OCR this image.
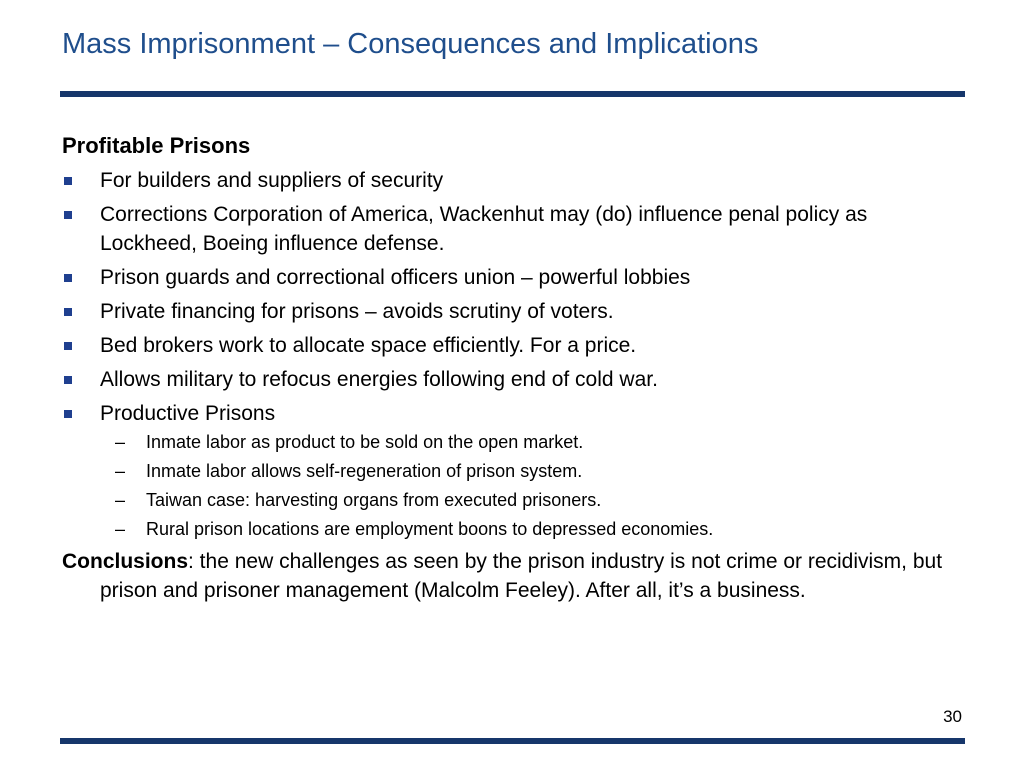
Mass Imprisonment – Consequences and Implications
Profitable Prisons
For builders and suppliers of security
Corrections Corporation of America, Wackenhut may (do) influence penal policy as Lockheed, Boeing influence defense.
Prison guards and correctional officers union – powerful lobbies
Private financing for prisons – avoids scrutiny of voters.
Bed brokers work to allocate space efficiently. For a price.
Allows military to refocus energies following end of cold war.
Productive Prisons
– Inmate labor as product to be sold on the open market.
– Inmate labor allows self-regeneration of prison system.
– Taiwan case: harvesting organs from executed prisoners.
– Rural prison locations are employment boons to depressed economies.
Conclusions: the new challenges as seen by the prison industry is not crime or recidivism, but prison and prisoner management (Malcolm Feeley). After all, it’s a business.
30
